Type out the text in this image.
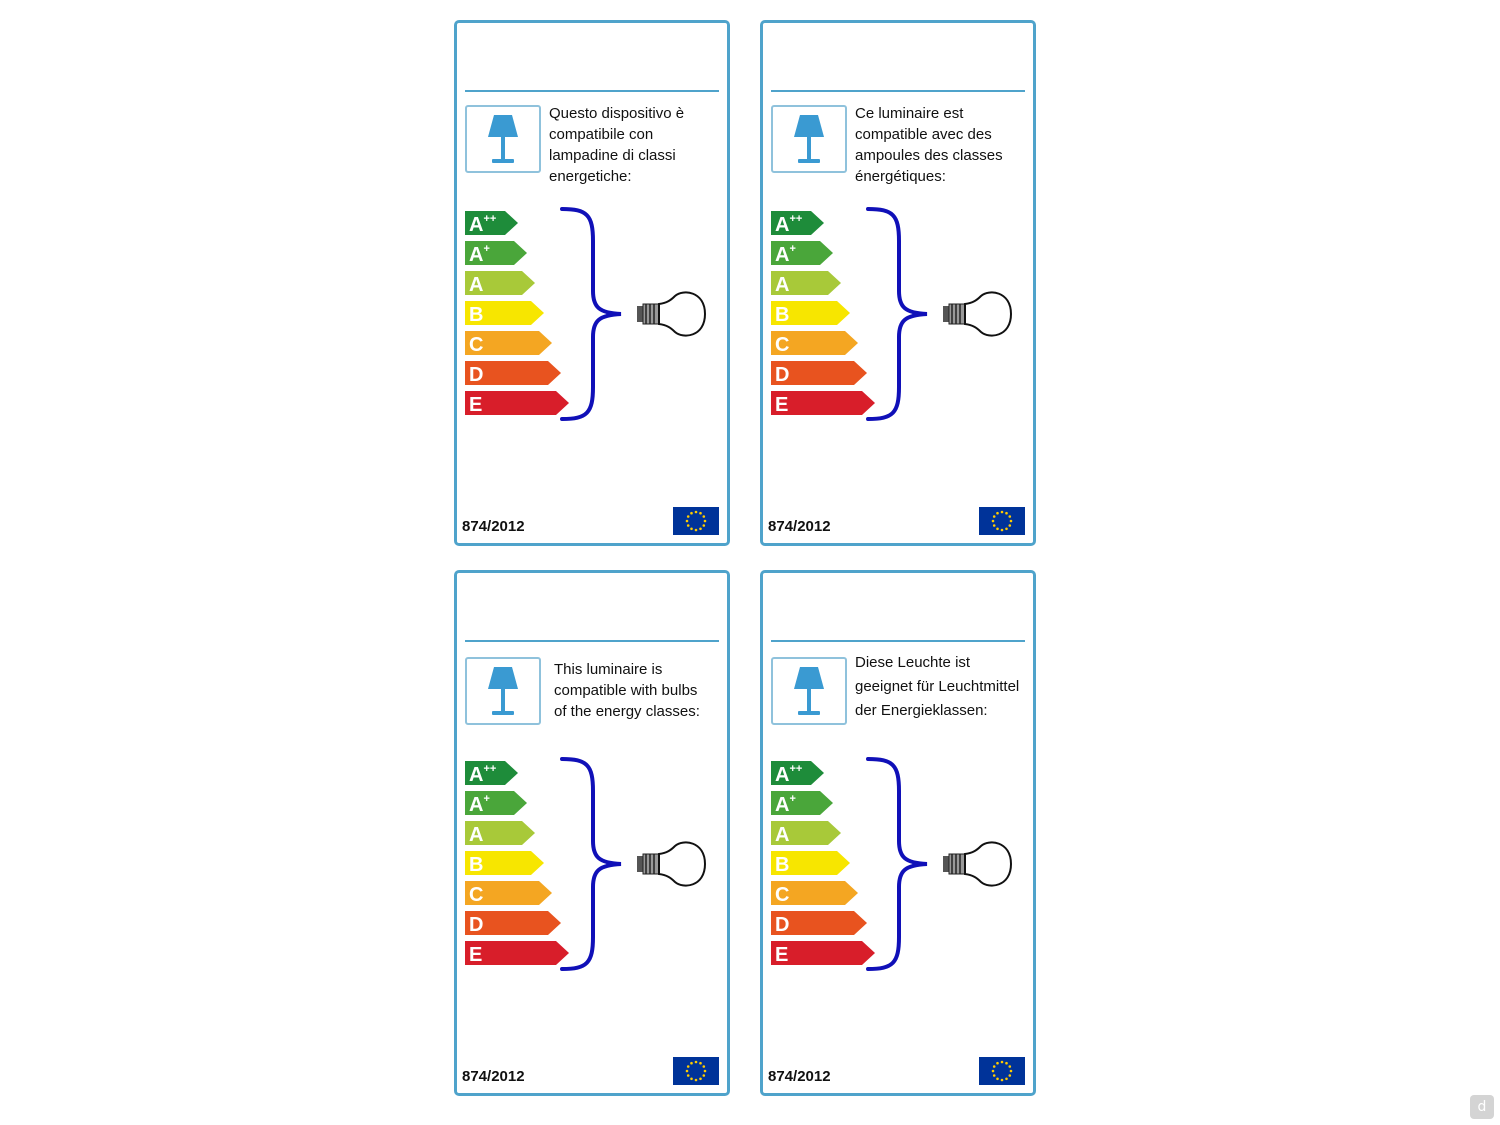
Questo dispositivo è
compatibile con
lampadine di classi
energetiche:
A++
A+
A
B
C
D
E
874/2012
Ce luminaire est
compatible avec des
ampoules des classes
énergétiques:
A++
A+
A
B
C
D
E
874/2012
This luminaire is
compatible with bulbs
of the energy classes:
A++
A+
A
B
C
D
E
874/2012
Diese Leuchte ist
geeignet für Leuchtmittel
der Energieklassen:
A++
A+
A
B
C
D
E
874/2012
d
